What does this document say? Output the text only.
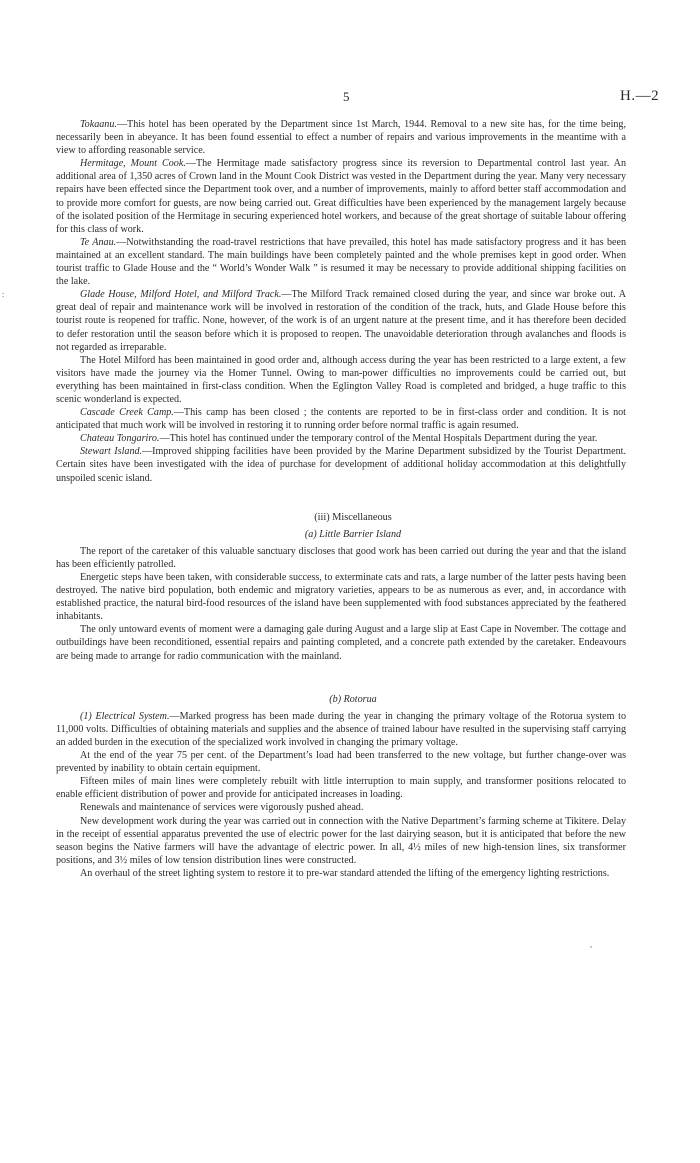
5	H.—2
:
,

Tokaanu.—This hotel has been operated by the Department since 1st March, 1944. Removal to a new site has, for the time being, necessarily been in abeyance. It has been found essential to effect a number of repairs and various improvements in the meantime with a view to affording reasonable service.

Hermitage, Mount Cook.—The Hermitage made satisfactory progress since its reversion to Departmental control last year. An additional area of 1,350 acres of Crown land in the Mount Cook District was vested in the Department during the year. Many very necessary repairs have been effected since the Department took over, and a number of improvements, mainly to afford better staff accommodation and to provide more comfort for guests, are now being carried out. Great difficulties have been experienced by the management largely because of the isolated position of the Hermitage in securing experienced hotel workers, and because of the great shortage of suitable labour offering for this class of work.

Te Anau.—Notwithstanding the road-travel restrictions that have prevailed, this hotel has made satisfactory progress and it has been maintained at an excellent standard. The main buildings have been completely painted and the whole premises kept in good order. When tourist traffic to Glade House and the “ World’s Wonder Walk ” is resumed it may be necessary to provide additional shipping facilities on the lake.

Glade House, Milford Hotel, and Milford Track.—The Milford Track remained closed during the year, and since war broke out. A great deal of repair and maintenance work will be involved in restoration of the condition of the track, huts, and Glade House before this tourist route is reopened for traffic. None, however, of the work is of an urgent nature at the present time, and it has therefore been decided to defer restoration until the season before which it is proposed to reopen. The unavoidable deterioration through avalanches and floods is not regarded as irreparable.

The Hotel Milford has been maintained in good order and, although access during the year has been restricted to a large extent, a few visitors have made the journey via the Homer Tunnel. Owing to man-power difficulties no improvements could be carried out, but everything has been maintained in first-class condition. When the Eglington Valley Road is completed and bridged, a huge traffic to this scenic wonderland is expected.

Cascade Creek Camp.—This camp has been closed ; the contents are reported to be in first-class order and condition. It is not anticipated that much work will be involved in restoring it to running order before normal traffic is again resumed.

Chateau Tongariro.—This hotel has continued under the temporary control of the Mental Hospitals Department during the year.

Stewart Island.—Improved shipping facilities have been provided by the Marine Department subsidized by the Tourist Department. Certain sites have been investigated with the idea of purchase for development of additional holiday accommodation at this delightfully unspoiled scenic island.

(iii) Miscellaneous

(a) Little Barrier Island

The report of the caretaker of this valuable sanctuary discloses that good work has been carried out during the year and that the island has been efficiently patrolled.

Energetic steps have been taken, with considerable success, to exterminate cats and rats, a large number of the latter pests having been destroyed. The native bird population, both endemic and migratory varieties, appears to be as numerous as ever, and, in accordance with established practice, the natural bird-food resources of the island have been supplemented with food substances appreciated by the feathered inhabitants.

The only untoward events of moment were a damaging gale during August and a large slip at East Cape in November. The cottage and outbuildings have been reconditioned, essential repairs and painting completed, and a concrete path extended by the caretaker. Endeavours are being made to arrange for radio communication with the mainland.

(b) Rotorua

(1) Electrical System.—Marked progress has been made during the year in changing the primary voltage of the Rotorua system to 11,000 volts. Difficulties of obtaining materials and supplies and the absence of trained labour have resulted in the supervising staff carrying an added burden in the execution of the specialized work involved in changing the primary voltage.

At the end of the year 75 per cent. of the Department’s load had been transferred to the new voltage, but further change-over was prevented by inability to obtain certain equipment.

Fifteen miles of main lines were completely rebuilt with little interruption to main supply, and transformer positions relocated to enable efficient distribution of power and provide for anticipated increases in loading.

Renewals and maintenance of services were vigorously pushed ahead.

New development work during the year was carried out in connection with the Native Department’s farming scheme at Tikitere. Delay in the receipt of essential apparatus prevented the use of electric power for the last dairying season, but it is anticipated that before the new season begins the Native farmers will have the advantage of electric power. In all, 4½ miles of new high-tension lines, six transformer positions, and 3½ miles of low tension distribution lines were constructed.

An overhaul of the street lighting system to restore it to pre-war standard attended the lifting of the emergency lighting restrictions.
